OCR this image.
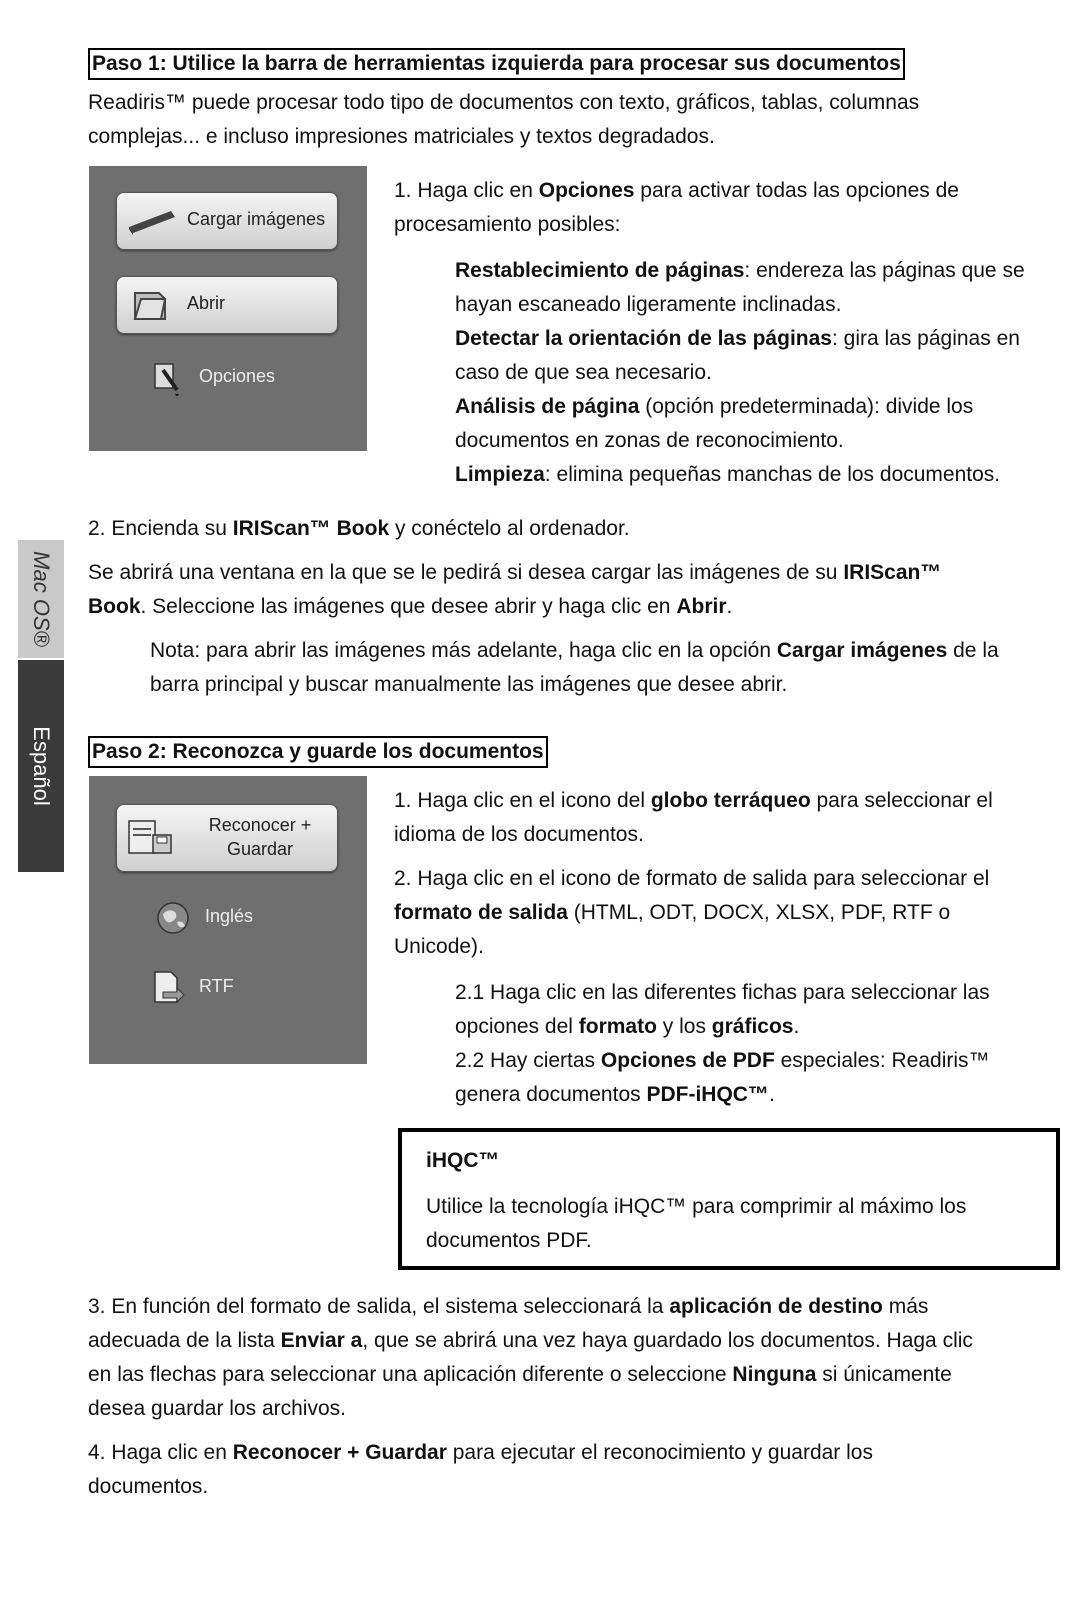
Mac OS®
Español
Paso 1: Utilice la barra de herramientas izquierda para procesar sus documentos

Readiris™ puede procesar todo tipo de documentos con texto, gráficos, tablas, columnas

complejas... e incluso impresiones matriciales y textos degradados.

Cargar imágenes
Abrir
Opciones

1. Haga clic en Opciones para activar todas las opciones de

procesamiento posibles:

Restablecimiento de páginas: endereza las páginas que se

hayan escaneado ligeramente inclinadas.

Detectar la orientación de las páginas: gira las páginas en

caso de que sea necesario.

Análisis de página (opción predeterminada): divide los

documentos en zonas de reconocimiento.

Limpieza: elimina pequeñas manchas de los documentos.

2. Encienda su IRIScan™ Book y conéctelo al ordenador.

Se abrirá una ventana en la que se le pedirá si desea cargar las imágenes de su IRIScan™

Book. Seleccione las imágenes que desee abrir y haga clic en Abrir.

Nota: para abrir las imágenes más adelante, haga clic en la opción Cargar imágenes de la

barra principal y buscar manualmente las imágenes que desee abrir.

Paso 2: Reconozca y guarde los documentos
Reconocer +
Guardar
Inglés
RTF

1. Haga clic en el icono del globo terráqueo para seleccionar el

idioma de los documentos.

2. Haga clic en el icono de formato de salida para seleccionar el

formato de salida (HTML, ODT, DOCX, XLSX, PDF, RTF o

Unicode).

2.1 Haga clic en las diferentes fichas para seleccionar las

opciones del formato y los gráficos.

2.2 Hay ciertas Opciones de PDF especiales: Readiris™

genera documentos PDF-iHQC™.

iHQC™

Utilice la tecnología iHQC™ para comprimir al máximo los

documentos PDF.

3. En función del formato de salida, el sistema seleccionará la aplicación de destino más

adecuada de la lista Enviar a, que se abrirá una vez haya guardado los documentos. Haga clic

en las flechas para seleccionar una aplicación diferente o seleccione Ninguna si únicamente

desea guardar los archivos.

4. Haga clic en Reconocer + Guardar para ejecutar el reconocimiento y guardar los

documentos.
